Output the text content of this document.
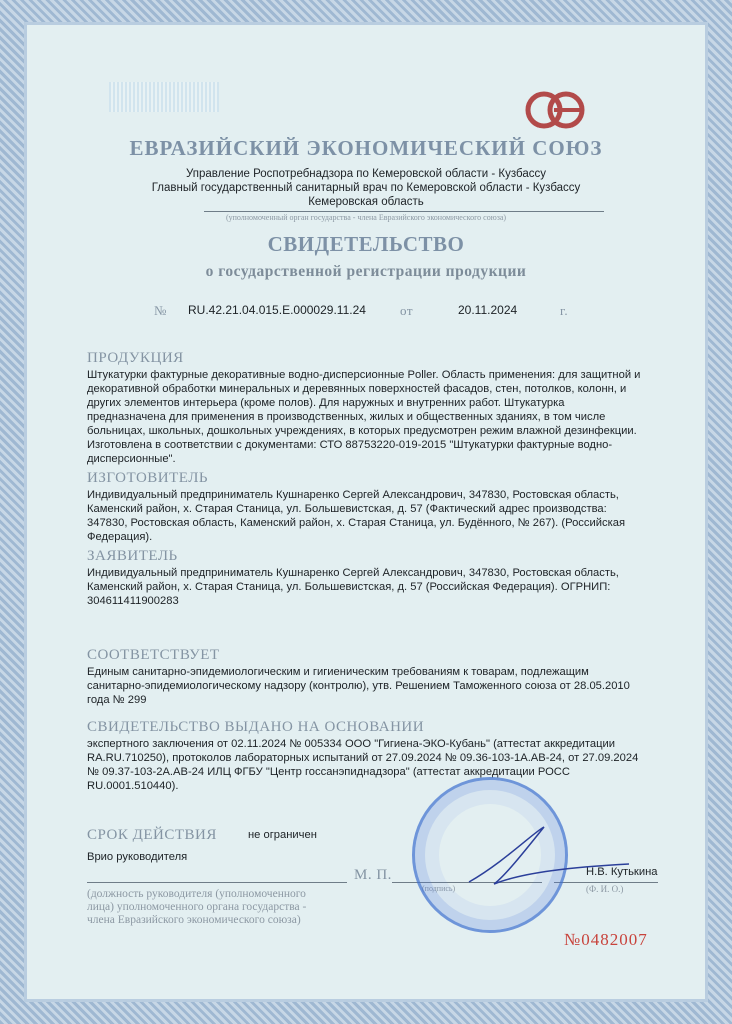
ЕВРАЗИЙСКИЙ ЭКОНОМИЧЕСКИЙ СОЮЗ
Управление Роспотребнадзора по Кемеровской области - Кузбассу
Главный государственный санитарный врач по Кемеровской области - Кузбассу
Кемеровская область
(уполномоченный орган государства - члена Евразийского экономического союза)
СВИДЕТЕЛЬСТВО
о государственной регистрации продукции
№ RU.42.21.04.015.E.000029.11.24	от	20.11.2024	г.
ПРОДУКЦИЯ
Штукатурки фактурные декоративные водно-дисперсионные Poller. Область применения: для защитной и
декоративной обработки минеральных и деревянных поверхностей фасадов, стен, потолков, колонн, и
других элементов интерьера (кроме полов). Для наружных и внутренних работ. Штукатурка
предназначена для применения в производственных, жилых и общественных зданиях, в том числе
больницах, школьных, дошкольных учреждениях, в которых предусмотрен режим влажной дезинфекции.
Изготовлена в соответствии с документами: СТО 88753220-019-2015 "Штукатурки фактурные водно-
дисперсионные".
ИЗГОТОВИТЕЛЬ
Индивидуальный предприниматель Кушнаренко Сергей Александрович, 347830, Ростовская область,
Каменский район, х. Старая Станица, ул. Большевистская, д. 57 (Фактический адрес производства:
347830, Ростовская область, Каменский район, х. Старая Станица, ул. Будённого, № 267). (Российская
Федерация).
ЗАЯВИТЕЛЬ
Индивидуальный предприниматель Кушнаренко Сергей Александрович, 347830, Ростовская область,
Каменский район, х. Старая Станица, ул. Большевистская, д. 57 (Российская Федерация). ОГРНИП:
304611411900283
СООТВЕТСТВУЕТ
Единым санитарно-эпидемиологическим и гигиеническим требованиям к товарам, подлежащим
санитарно-эпидемиологическому надзору (контролю), утв. Решением Таможенного союза от 28.05.2010
года № 299
СВИДЕТЕЛЬСТВО ВЫДАНО НА ОСНОВАНИИ
экспертного заключения от 02.11.2024 № 005334 ООО "Гигиена-ЭКО-Кубань" (аттестат аккредитации
RA.RU.710250), протоколов лабораторных испытаний от 27.09.2024 № 09.36-103-1А.АВ-24, от 27.09.2024
№ 09.37-103-2А.АВ-24 ИЛЦ ФГБУ "Центр госсанэпиднадзора" (аттестат аккредитации РОСС
RU.0001.510440).
СРОК ДЕЙСТВИЯ	не ограничен
Врио руководителя
М. П.
(подпись)
Н.В. Кутькина
(Ф. И. О.)
(должность руководителя (уполномоченного
лица) уполномоченного органа государства -
члена Евразийского экономического союза)
№0482007
